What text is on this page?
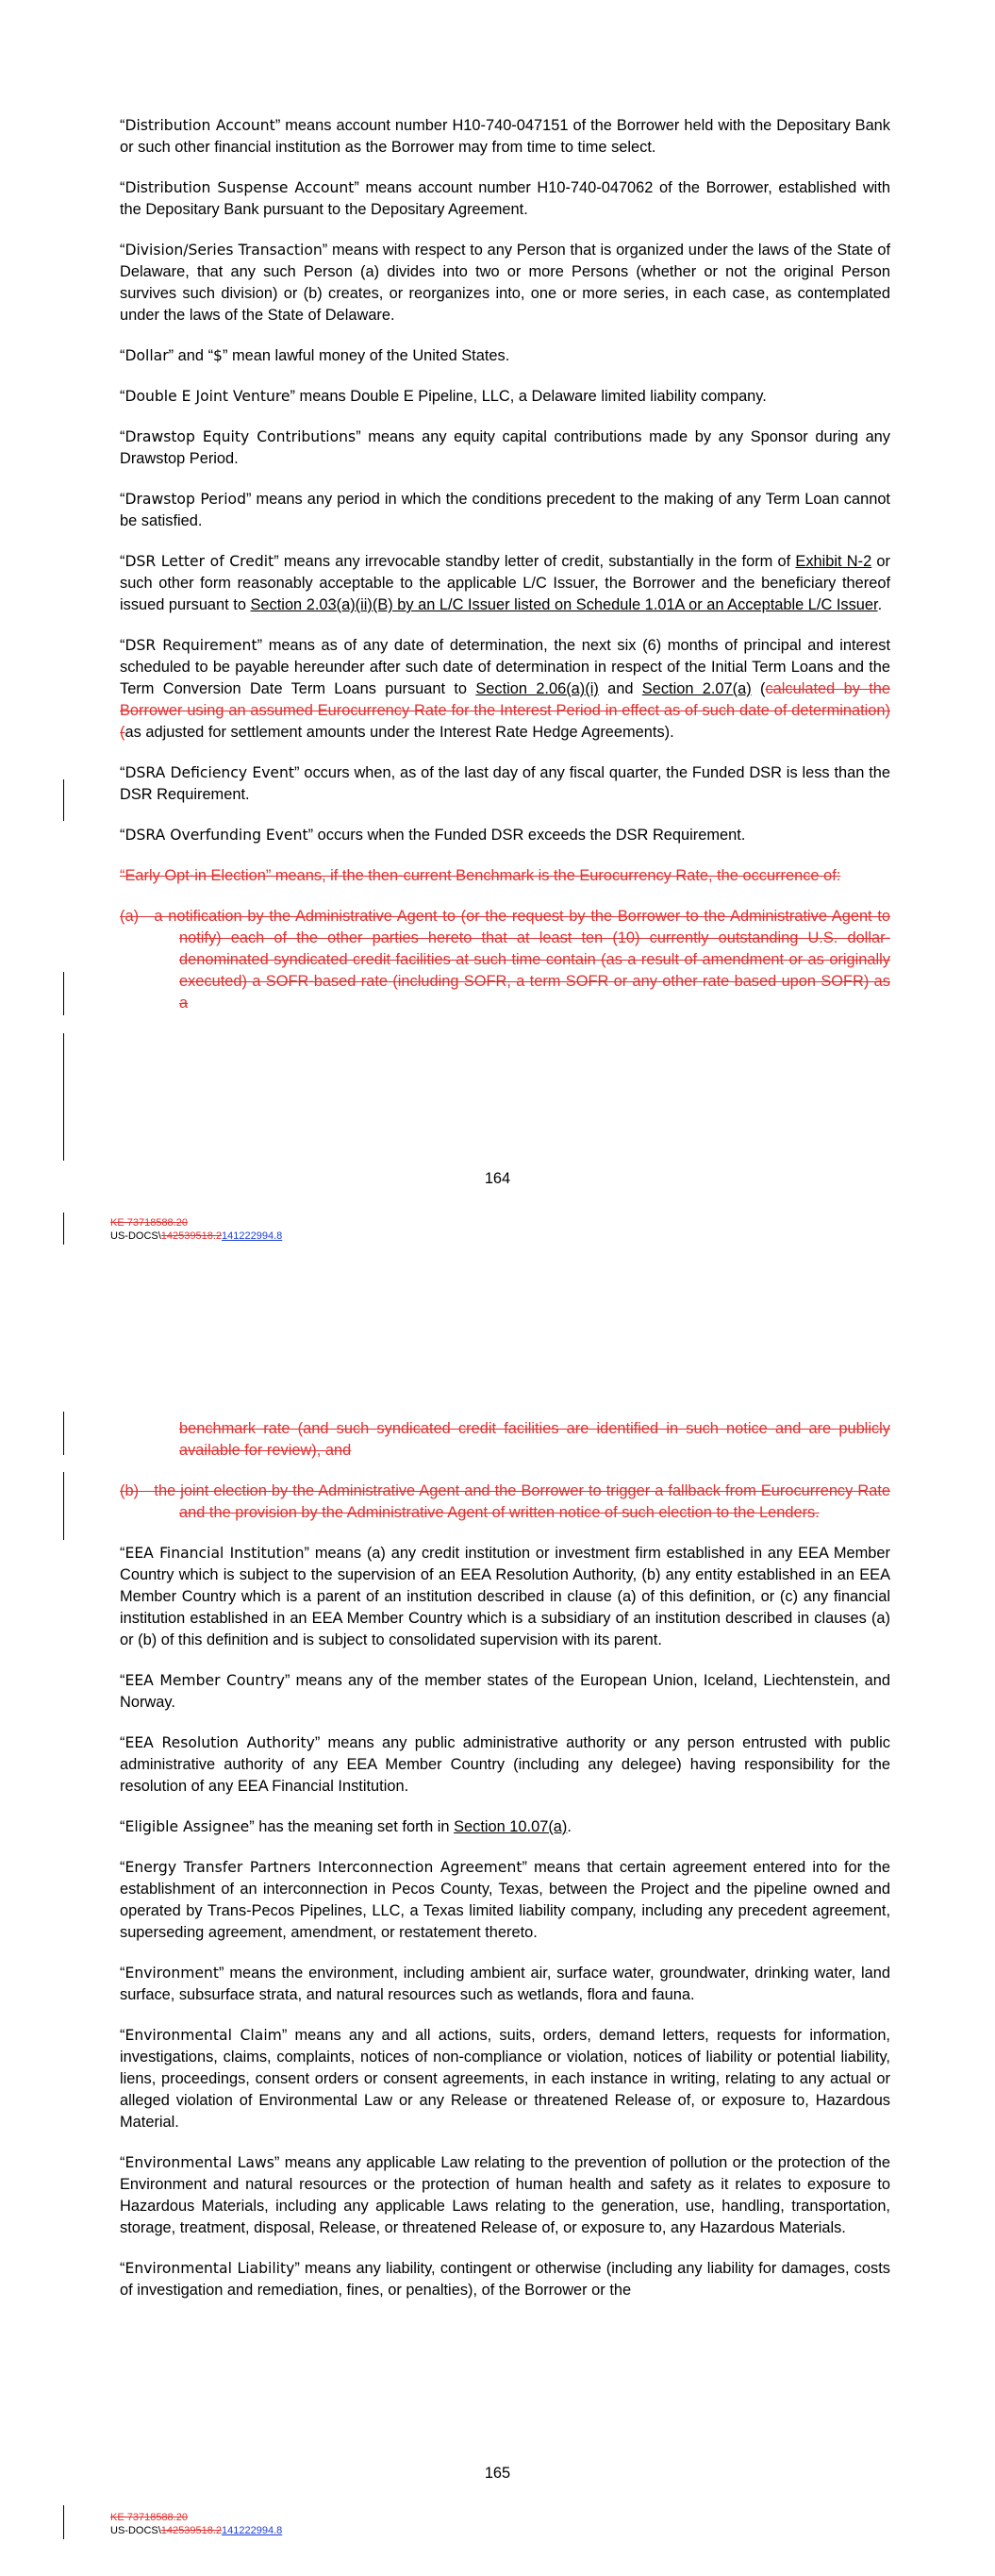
“Distribution Account” means account number H10-740-047151 of the Borrower held with the Depositary Bank or such other financial institution as the Borrower may from time to time select.

“Distribution Suspense Account” means account number H10-740-047062 of the Borrower, established with the Depositary Bank pursuant to the Depositary Agreement.

“Division/Series Transaction” means with respect to any Person that is organized under the laws of the State of Delaware, that any such Person (a) divides into two or more Persons (whether or not the original Person survives such division) or (b) creates, or reorganizes into, one or more series, in each case, as contemplated under the laws of the State of Delaware.

“Dollar” and “$” mean lawful money of the United States.

“Double E Joint Venture” means Double E Pipeline, LLC, a Delaware limited liability company.

“Drawstop Equity Contributions” means any equity capital contributions made by any Sponsor during any Drawstop Period.

“Drawstop Period” means any period in which the conditions precedent to the making of any Term Loan cannot be satisfied.

“DSR Letter of Credit” means any irrevocable standby letter of credit, substantially in the form of Exhibit N-2 or such other form reasonably acceptable to the applicable L/C Issuer, the Borrower and the beneficiary thereof issued pursuant to Section 2.03(a)(ii)(B) by an L/C Issuer listed on Schedule 1.01A or an Acceptable L/C Issuer.

“DSR Requirement” means as of any date of determination, the next six (6) months of principal and interest scheduled to be payable hereunder after such date of determination in respect of the Initial Term Loans and the Term Conversion Date Term Loans pursuant to Section 2.06(a)(i) and Section 2.07(a) (calculated by the Borrower using an assumed Eurocurrency Rate for the Interest Period in effect as of such date of determination) (as adjusted for settlement amounts under the Interest Rate Hedge Agreements).

“DSRA Deficiency Event” occurs when, as of the last day of any fiscal quarter, the Funded DSR is less than the DSR Requirement.

“DSRA Overfunding Event” occurs when the Funded DSR exceeds the DSR Requirement.

“Early Opt-in Election” means, if the then-current Benchmark is the Eurocurrency Rate, the occurrence of:

(a) a notification by the Administrative Agent to (or the request by the Borrower to the Administrative Agent to notify) each of the other parties hereto that at least ten (10) currently outstanding U.S. dollar-denominated syndicated credit facilities at such time contain (as a result of amendment or as originally executed) a SOFR-based rate (including SOFR, a term SOFR or any other rate based upon SOFR) as a

164
KE 73718588.20
US-DOCS\142539518.2141222994.8

benchmark rate (and such syndicated credit facilities are identified in such notice and are publicly available for review), and

(b) the joint election by the Administrative Agent and the Borrower to trigger a fallback from Eurocurrency Rate and the provision by the Administrative Agent of written notice of such election to the Lenders.

“EEA Financial Institution” means (a) any credit institution or investment firm established in any EEA Member Country which is subject to the supervision of an EEA Resolution Authority, (b) any entity established in an EEA Member Country which is a parent of an institution described in clause (a) of this definition, or (c) any financial institution established in an EEA Member Country which is a subsidiary of an institution described in clauses (a) or (b) of this definition and is subject to consolidated supervision with its parent.

“EEA Member Country” means any of the member states of the European Union, Iceland, Liechtenstein, and Norway.

“EEA Resolution Authority” means any public administrative authority or any person entrusted with public administrative authority of any EEA Member Country (including any delegee) having responsibility for the resolution of any EEA Financial Institution.

“Eligible Assignee” has the meaning set forth in Section 10.07(a).

“Energy Transfer Partners Interconnection Agreement” means that certain agreement entered into for the establishment of an interconnection in Pecos County, Texas, between the Project and the pipeline owned and operated by Trans-Pecos Pipelines, LLC, a Texas limited liability company, including any precedent agreement, superseding agreement, amendment, or restatement thereto.

“Environment” means the environment, including ambient air, surface water, groundwater, drinking water, land surface, subsurface strata, and natural resources such as wetlands, flora and fauna.

“Environmental Claim” means any and all actions, suits, orders, demand letters, requests for information, investigations, claims, complaints, notices of non-compliance or violation, notices of liability or potential liability, liens, proceedings, consent orders or consent agreements, in each instance in writing, relating to any actual or alleged violation of Environmental Law or any Release or threatened Release of, or exposure to, Hazardous Material.

“Environmental Laws” means any applicable Law relating to the prevention of pollution or the protection of the Environment and natural resources or the protection of human health and safety as it relates to exposure to Hazardous Materials, including any applicable Laws relating to the generation, use, handling, transportation, storage, treatment, disposal, Release, or threatened Release of, or exposure to, any Hazardous Materials.

“Environmental Liability” means any liability, contingent or otherwise (including any liability for damages, costs of investigation and remediation, fines, or penalties), of the Borrower or the

165
KE 73718588.20
US-DOCS\142539518.2141222994.8
